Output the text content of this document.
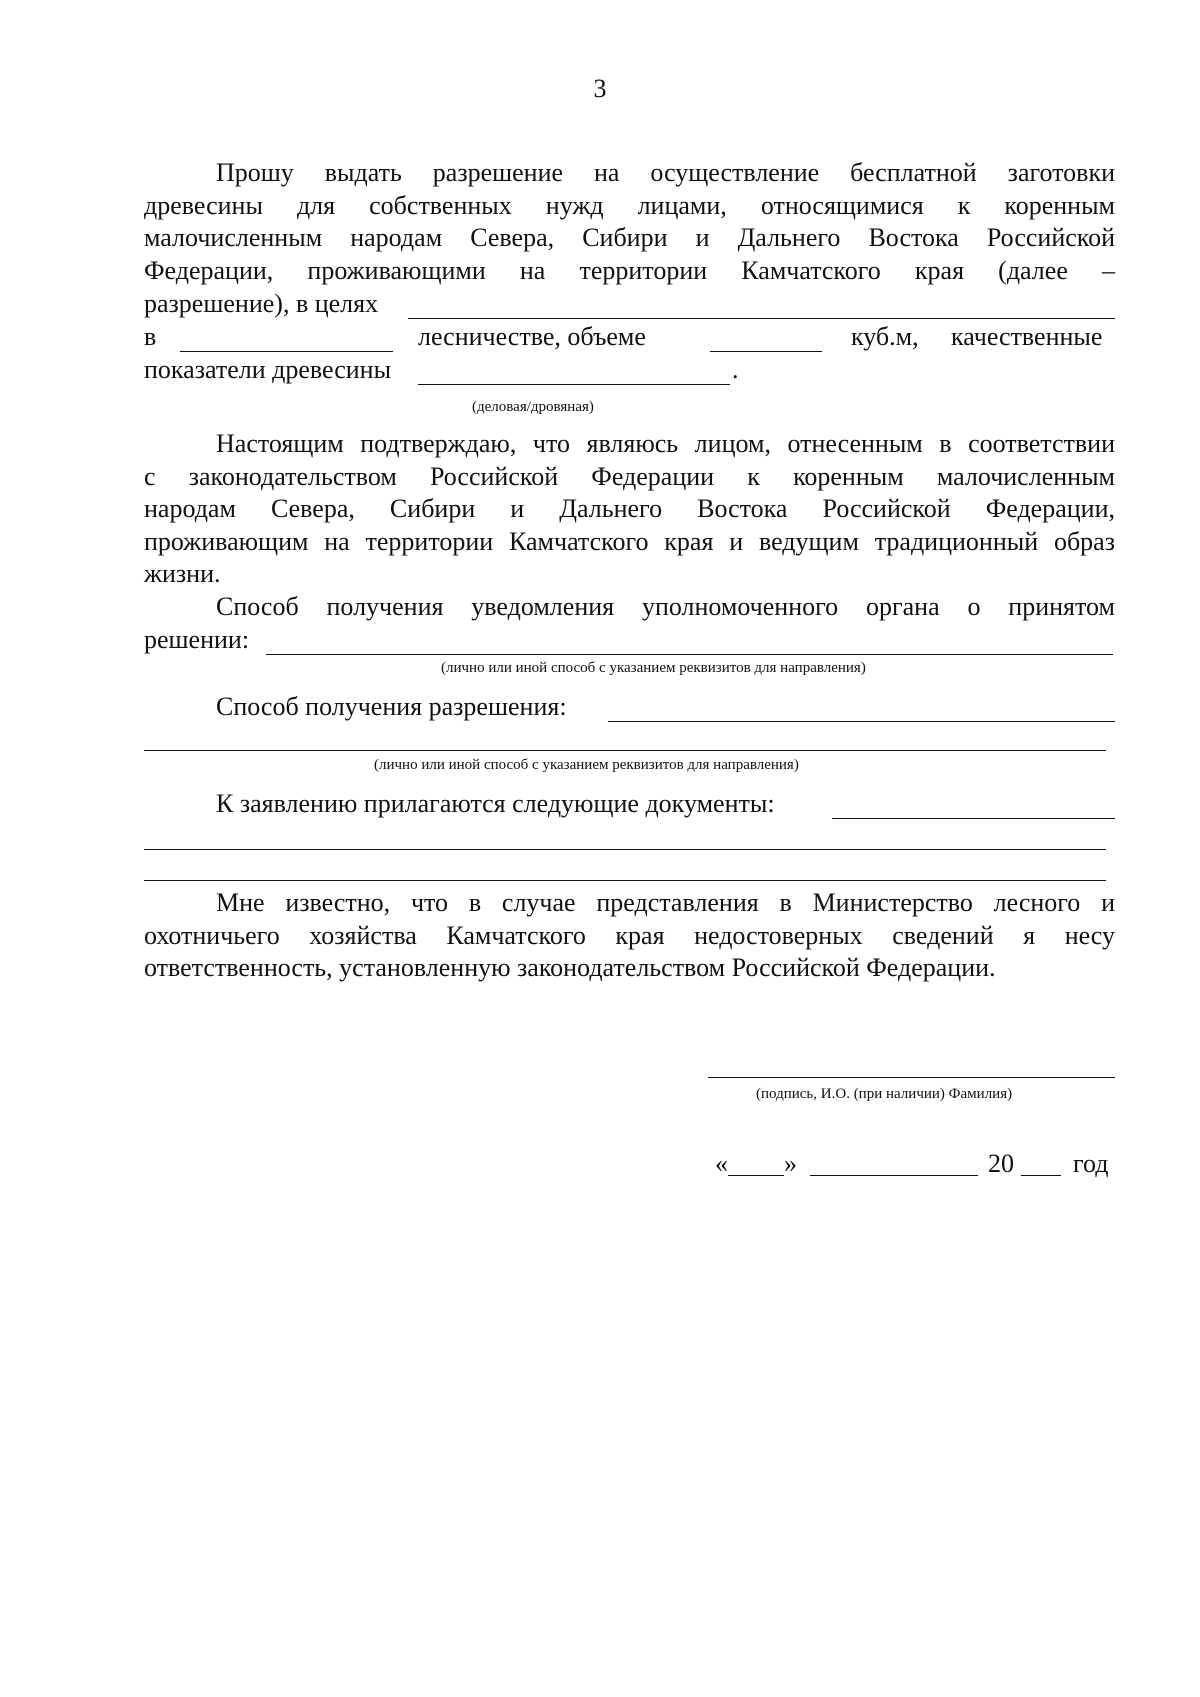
3

Прошу выдать разрешение на осуществление бесплатной заготовки

древесины для собственных нужд лицами, относящимися к коренным

малочисленным народам Севера, Сибири и Дальнего Востока Российской

Федерации, проживающими на территории Камчатского края (далее –

разрешение), в целях
в	лесничестве, объеме	куб.м, качественные
показатели древесины	.
(деловая/дровяная)

Настоящим подтверждаю, что являюсь лицом, отнесенным в соответствии

с законодательством Российской Федерации к коренным малочисленным

народам Севера, Сибири и Дальнего Востока Российской Федерации,

проживающим на территории Камчатского края и ведущим традиционный образ

жизни.

Способ получения уведомления уполномоченного органа о принятом

решении:
(лично или иной способ с указанием реквизитов для направления)
Способ получения разрешения:
(лично или иной способ с указанием реквизитов для направления)
К заявлению прилагаются следующие документы:

Мне известно, что в случае представления в Министерство лесного и

охотничьего хозяйства Камчатского края недостоверных сведений я несу

ответственность, установленную законодательством Российской Федерации.

(подпись, И.О. (при наличии) Фамилия)
« »	20 год
